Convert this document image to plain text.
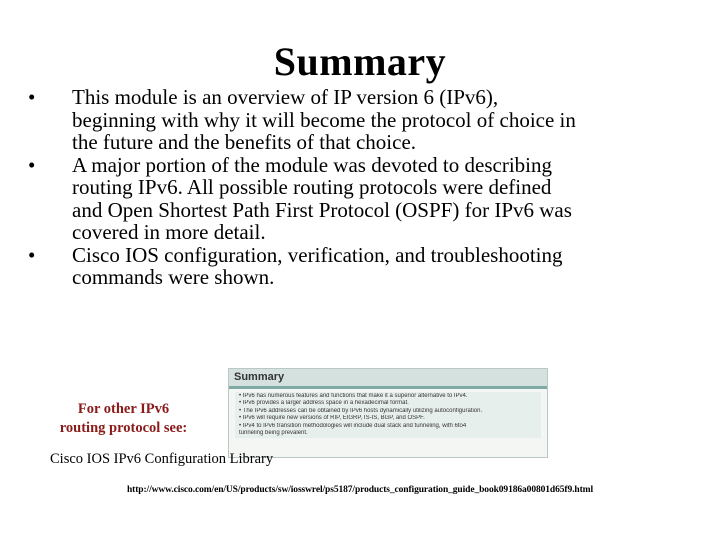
Summary
• This module is an overview of IP version 6 (IPv6),
beginning with why it will become the protocol of choice in
the future and the benefits of that choice.
• A major portion of the module was devoted to describing
routing IPv6. All possible routing protocols were defined
and Open Shortest Path First Protocol (OSPF) for IPv6 was
covered in more detail.
• Cisco IOS configuration, verification, and troubleshooting
commands were shown.
Summary
• IPv6 has numerous features and functions that make it a superior alternative to IPv4.
• IPv6 provides a larger address space in a hexadecimal format.
• The IPv6 addresses can be obtained by IPv6 hosts dynamically utilizing autoconfiguration.
• IPv6 will require new versions of RIP, EIGRP, IS-IS, BGP, and OSPF.
• IPv4 to IPv6 transition methodologies will include dual stack and tunneling, with 6to4
tunneling being prevalent.
For other IPv6
routing protocol see:
Cisco IOS IPv6 Configuration Library
http://www.cisco.com/en/US/products/sw/iosswrel/ps5187/products_configuration_guide_book09186a00801d65f9.html
